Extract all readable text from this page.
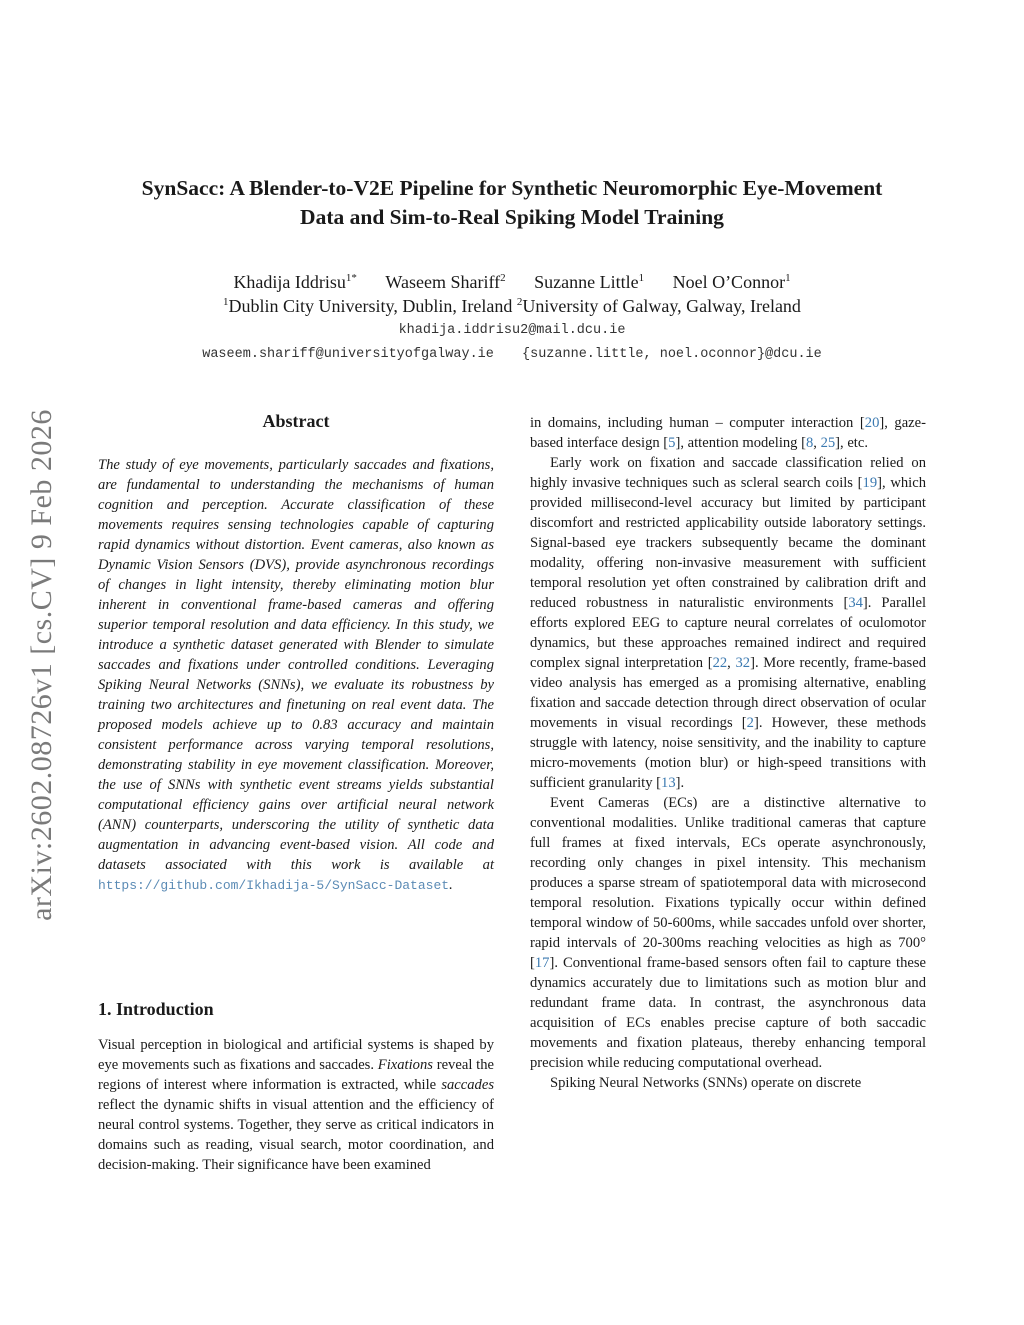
arXiv:2602.08726v1 [cs.CV] 9 Feb 2026
SynSacc: A Blender-to-V2E Pipeline for Synthetic Neuromorphic Eye-Movement
Data and Sim-to-Real Spiking Model Training
Khadija Iddrisu$^{1*}$ Waseem Shariff$^2$ Suzanne Little$^1$ Noel O’Connor$^1$
$^1$Dublin City University, Dublin, Ireland $^2$University of Galway, Galway, Ireland
khadija.iddrisu2@mail.dcu.ie
waseem.shariff@universityofgalway.ie {suzanne.little, noel.oconnor}@dcu.ie
Abstract
The study of eye movements, particularly saccades and fixations, are fundamental to understanding the mechanisms of human cognition and perception. Accurate classification of these movements requires sensing technologies capable of capturing rapid dynamics without distortion. Event cameras, also known as Dynamic Vision Sensors (DVS), provide asynchronous recordings of changes in light intensity, thereby eliminating motion blur inherent in conventional frame-based cameras and offering superior temporal resolution and data efficiency. In this study, we introduce a synthetic dataset generated with Blender to simulate saccades and fixations under controlled conditions. Leveraging Spiking Neural Networks (SNNs), we evaluate its robustness by training two architectures and finetuning on real event data. The proposed models achieve up to 0.83 accuracy and maintain consistent performance across varying temporal resolutions, demonstrating stability in eye movement classification. Moreover, the use of SNNs with synthetic event streams yields substantial computational efficiency gains over artificial neural network (ANN) counterparts, underscoring the utility of synthetic data augmentation in advancing event-based vision. All code and datasets associated with this work is available at https://github.com/Ikhadija-5/SynSacc-Dataset.
1. Introduction

Visual perception in biological and artificial systems is shaped by eye movements such as fixations and saccades. Fixations reveal the regions of interest where information is extracted, while saccades reflect the dynamic shifts in visual attention and the efficiency of neural control systems. Together, they serve as critical indicators in domains such as reading, visual search, motor coordination, and decision-making. Their significance have been examined

in domains, including human – computer interaction [20], gaze-based interface design [5], attention modeling [8, 25], etc.

Early work on fixation and saccade classification relied on highly invasive techniques such as scleral search coils [19], which provided millisecond-level accuracy but limited by participant discomfort and restricted applicability outside laboratory settings. Signal-based eye trackers subsequently became the dominant modality, offering non-invasive measurement with sufficient temporal resolution yet often constrained by calibration drift and reduced robustness in naturalistic environments [34]. Parallel efforts explored EEG to capture neural correlates of oculomotor dynamics, but these approaches remained indirect and required complex signal interpretation [22, 32]. More recently, frame-based video analysis has emerged as a promising alternative, enabling fixation and saccade detection through direct observation of ocular movements in visual recordings [2]. However, these methods struggle with latency, noise sensitivity, and the inability to capture micro-movements (motion blur) or high-speed transitions with sufficient granularity [13].

Event Cameras (ECs) are a distinctive alternative to conventional modalities. Unlike traditional cameras that capture full frames at fixed intervals, ECs operate asynchronously, recording only changes in pixel intensity. This mechanism produces a sparse stream of spatiotemporal data with microsecond temporal resolution. Fixations typically occur within defined temporal window of 50-600ms, while saccades unfold over shorter, rapid intervals of 20-300ms reaching velocities as high as 700° [17]. Conventional frame-based sensors often fail to capture these dynamics accurately due to limitations such as motion blur and redundant frame data. In contrast, the asynchronous data acquisition of ECs enables precise capture of both saccadic movements and fixation plateaus, thereby enhancing temporal precision while reducing computational overhead.

Spiking Neural Networks (SNNs) operate on discrete
